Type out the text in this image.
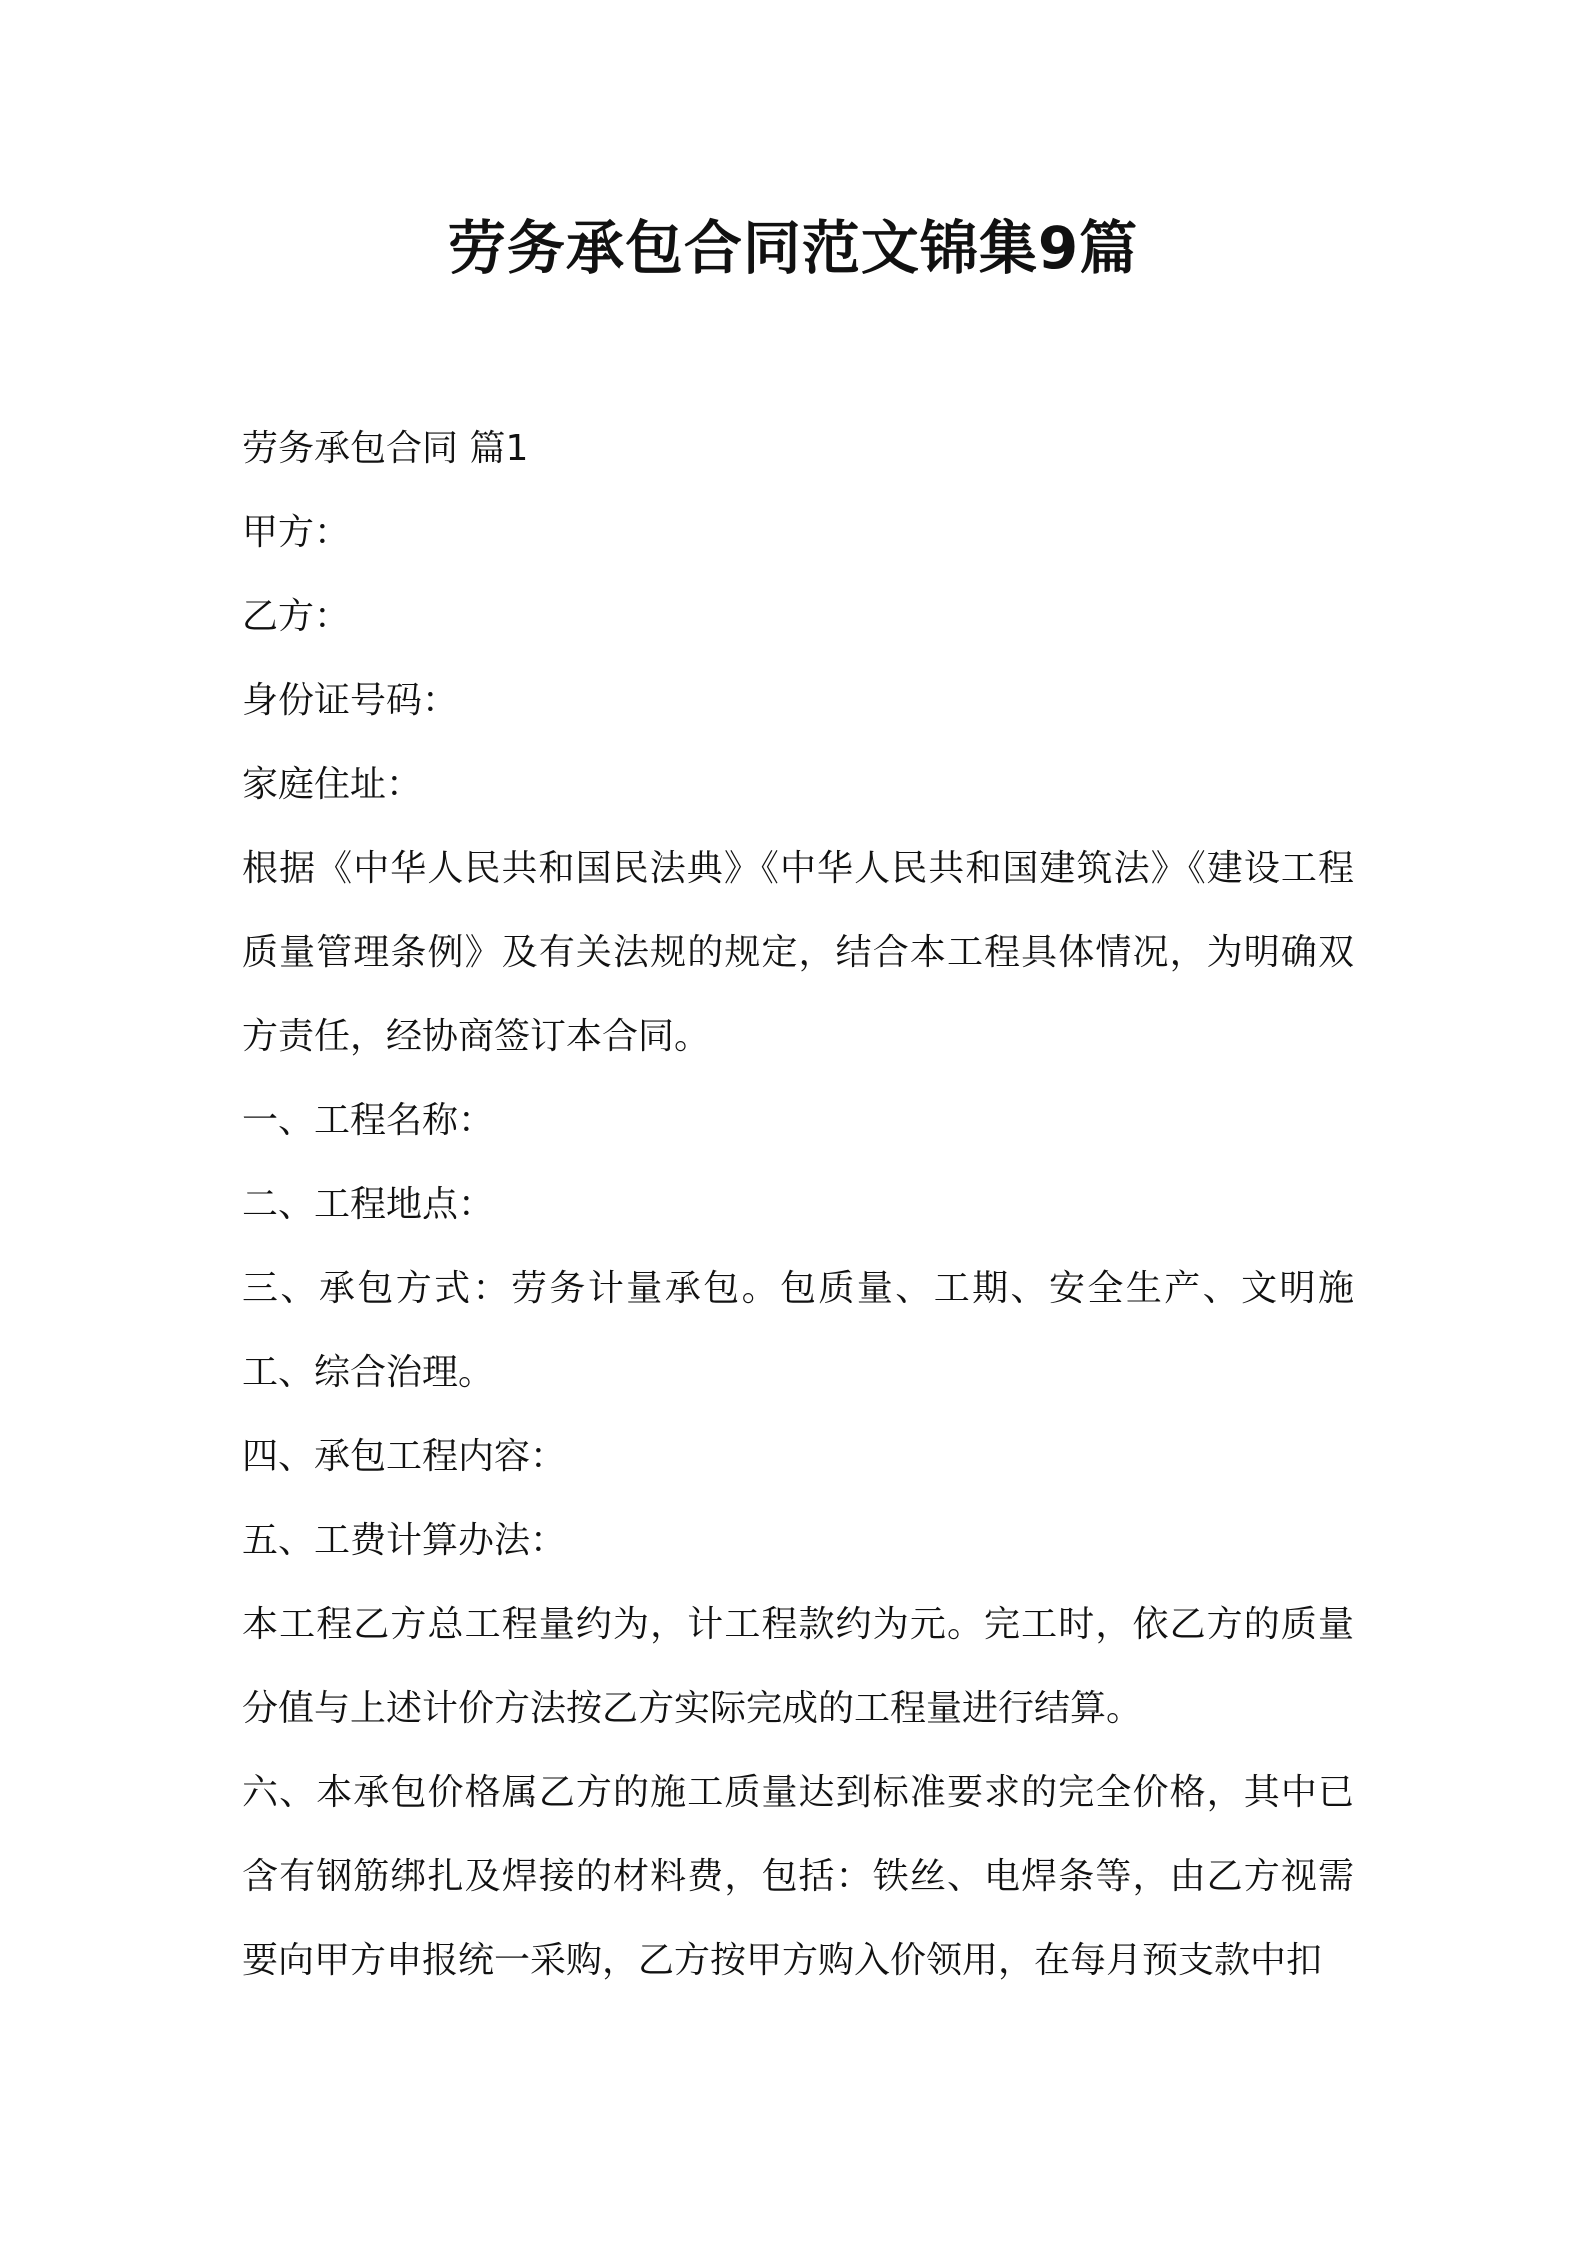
劳务承包合同范文锦集9篇

劳务承包合同 篇1

甲方：

乙方：

身份证号码：

家庭住址：

根据《中华人民共和国民法典》《中华人民共和国建筑法》《建设工程质量管理条例》及有关法规的规定，结合本工程具体情况，为明确双方责任，经协商签订本合同。

一、工程名称：

二、工程地点：

三、承包方式：劳务计量承包。包质量、工期、安全生产、文明施工、综合治理。

四、承包工程内容：

五、工费计算办法：

本工程乙方总工程量约为，计工程款约为元。完工时，依乙方的质量分值与上述计价方法按乙方实际完成的工程量进行结算。

六、本承包价格属乙方的施工质量达到标准要求的完全价格，其中已含有钢筋绑扎及焊接的材料费，包括：铁丝、电焊条等，由乙方视需要向甲方申报统一采购，乙方按甲方购入价领用，在每月预支款中扣
